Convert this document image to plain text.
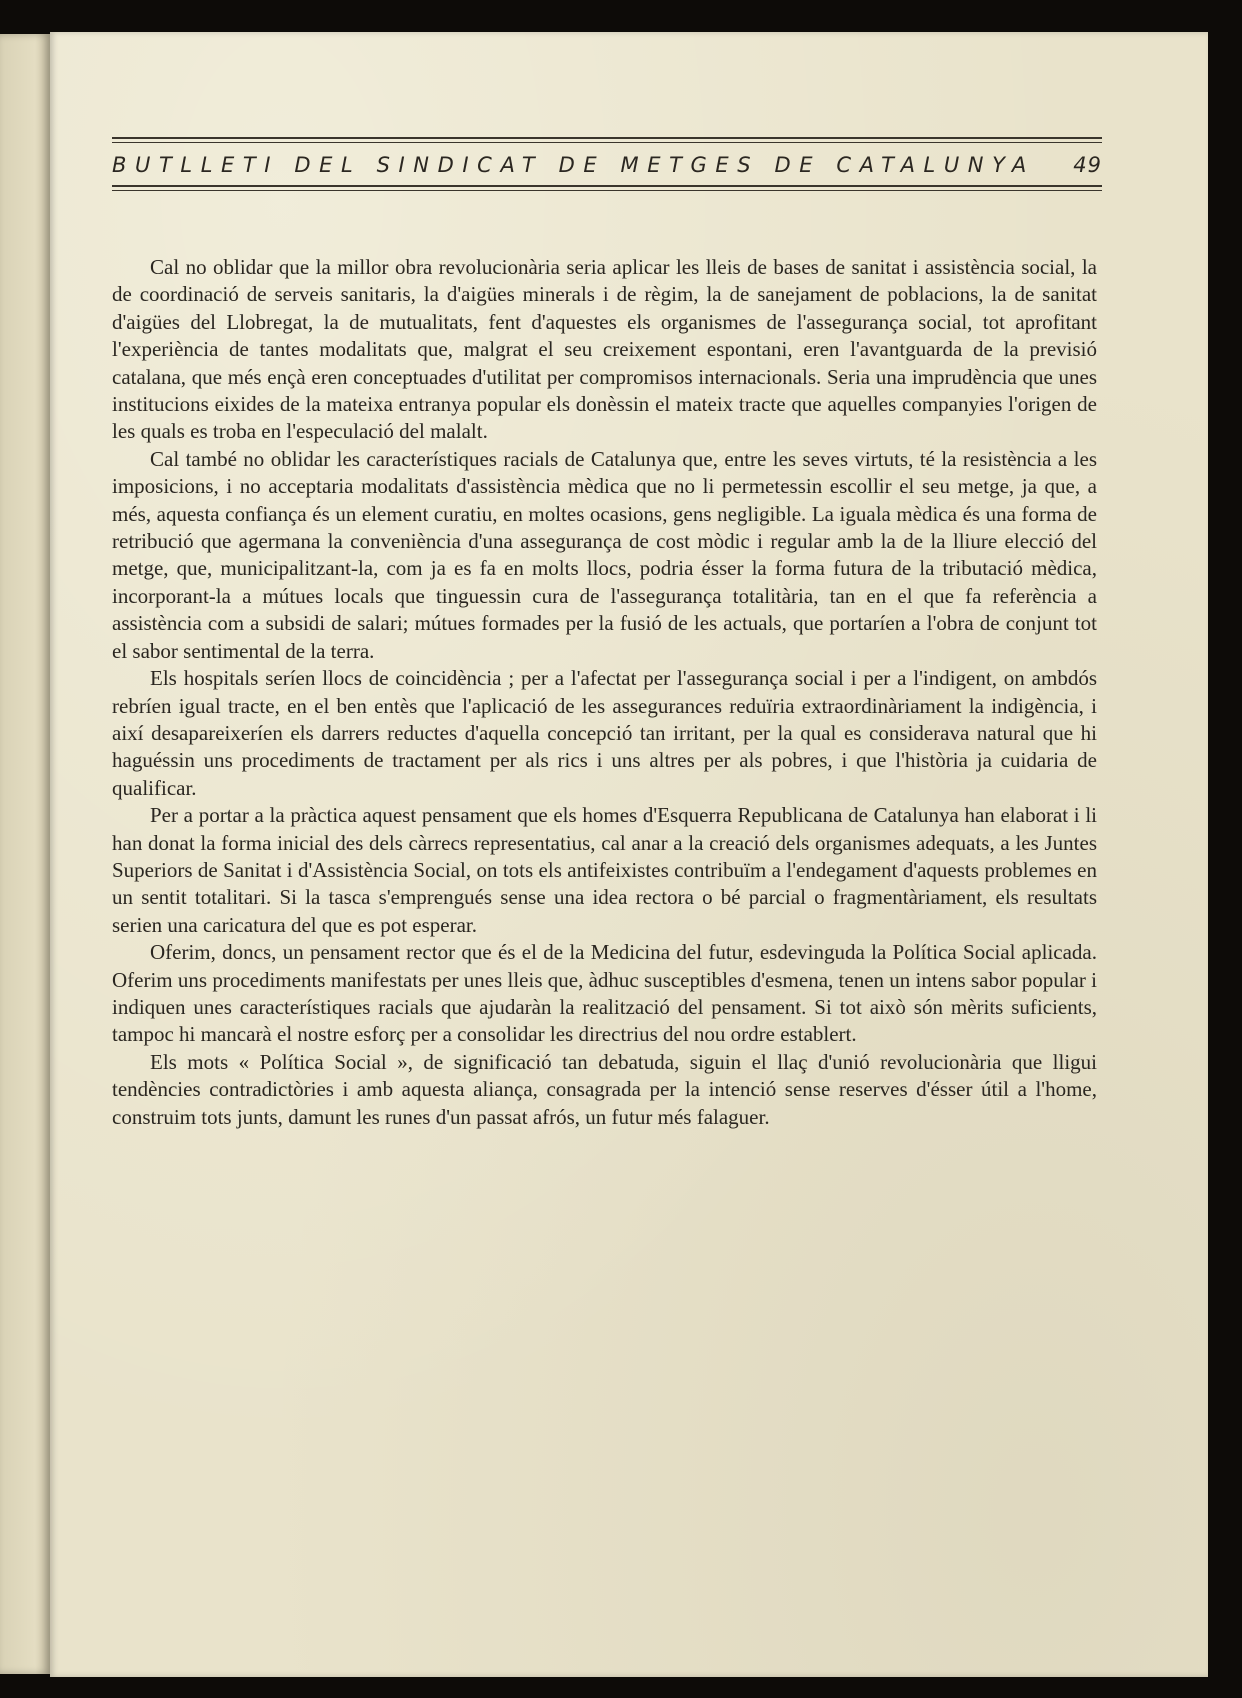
BUTLLETI DEL SINDICAT DE METGES DE CATALUNYA 49

Cal no oblidar que la millor obra revolucionària seria aplicar les lleis de bases de sanitat i assistència social, la de coordinació de serveis sanitaris, la d'aigües minerals i de règim, la de sanejament de poblacions, la de sanitat d'aigües del Llobregat, la de mutualitats, fent d'aquestes els organismes de l'assegurança social, tot aprofitant l'experiència de tantes modalitats que, malgrat el seu creixement espontani, eren l'avantguarda de la previsió catalana, que més ençà eren conceptuades d'utilitat per compromisos internacionals. Seria una imprudència que unes institucions eixides de la mateixa entranya popular els donèssin el mateix tracte que aquelles companyies l'origen de les quals es troba en l'especulació del malalt.

Cal també no oblidar les característiques racials de Catalunya que, entre les seves virtuts, té la resistència a les imposicions, i no acceptaria modalitats d'assistència mèdica que no li permetessin escollir el seu metge, ja que, a més, aquesta confiança és un element curatiu, en moltes ocasions, gens negligible. La iguala mèdica és una forma de retribució que agermana la conveniència d'una assegurança de cost mòdic i regular amb la de la lliure elecció del metge, que, municipalitzant-la, com ja es fa en molts llocs, podria ésser la forma futura de la tributació mèdica, incorporant-la a mútues locals que tinguessin cura de l'assegurança totalitària, tan en el que fa referència a assistència com a subsidi de salari; mútues formades per la fusió de les actuals, que portaríen a l'obra de conjunt tot el sabor sentimental de la terra.

Els hospitals seríen llocs de coincidència ; per a l'afectat per l'assegurança social i per a l'indigent, on ambdós rebríen igual tracte, en el ben entès que l'aplicació de les assegurances reduïria extraordinàriament la indigència, i així desapareixeríen els darrers reductes d'aquella concepció tan irritant, per la qual es considerava natural que hi haguéssin uns procediments de tractament per als rics i uns altres per als pobres, i que l'història ja cuidaria de qualificar.

Per a portar a la pràctica aquest pensament que els homes d'Esquerra Republicana de Catalunya han elaborat i li han donat la forma inicial des dels càrrecs representatius, cal anar a la creació dels organismes adequats, a les Juntes Superiors de Sanitat i d'Assistència Social, on tots els antifeixistes contribuïm a l'endegament d'aquests problemes en un sentit totalitari. Si la tasca s'emprengués sense una idea rectora o bé parcial o fragmentàriament, els resultats serien una caricatura del que es pot esperar.

Oferim, doncs, un pensament rector que és el de la Medicina del futur, esdevinguda la Política Social aplicada. Oferim uns procediments manifestats per unes lleis que, àdhuc susceptibles d'esmena, tenen un intens sabor popular i indiquen unes característiques racials que ajudaràn la realització del pensament. Si tot això són mèrits suficients, tampoc hi mancarà el nostre esforç per a consolidar les directrius del nou ordre establert.

Els mots « Política Social », de significació tan debatuda, siguin el llaç d'unió revolucionària que lligui tendències contradictòries i amb aquesta aliança, consagrada per la intenció sense reserves d'ésser útil a l'home, construim tots junts, damunt les runes d'un passat afrós, un futur més falaguer.
